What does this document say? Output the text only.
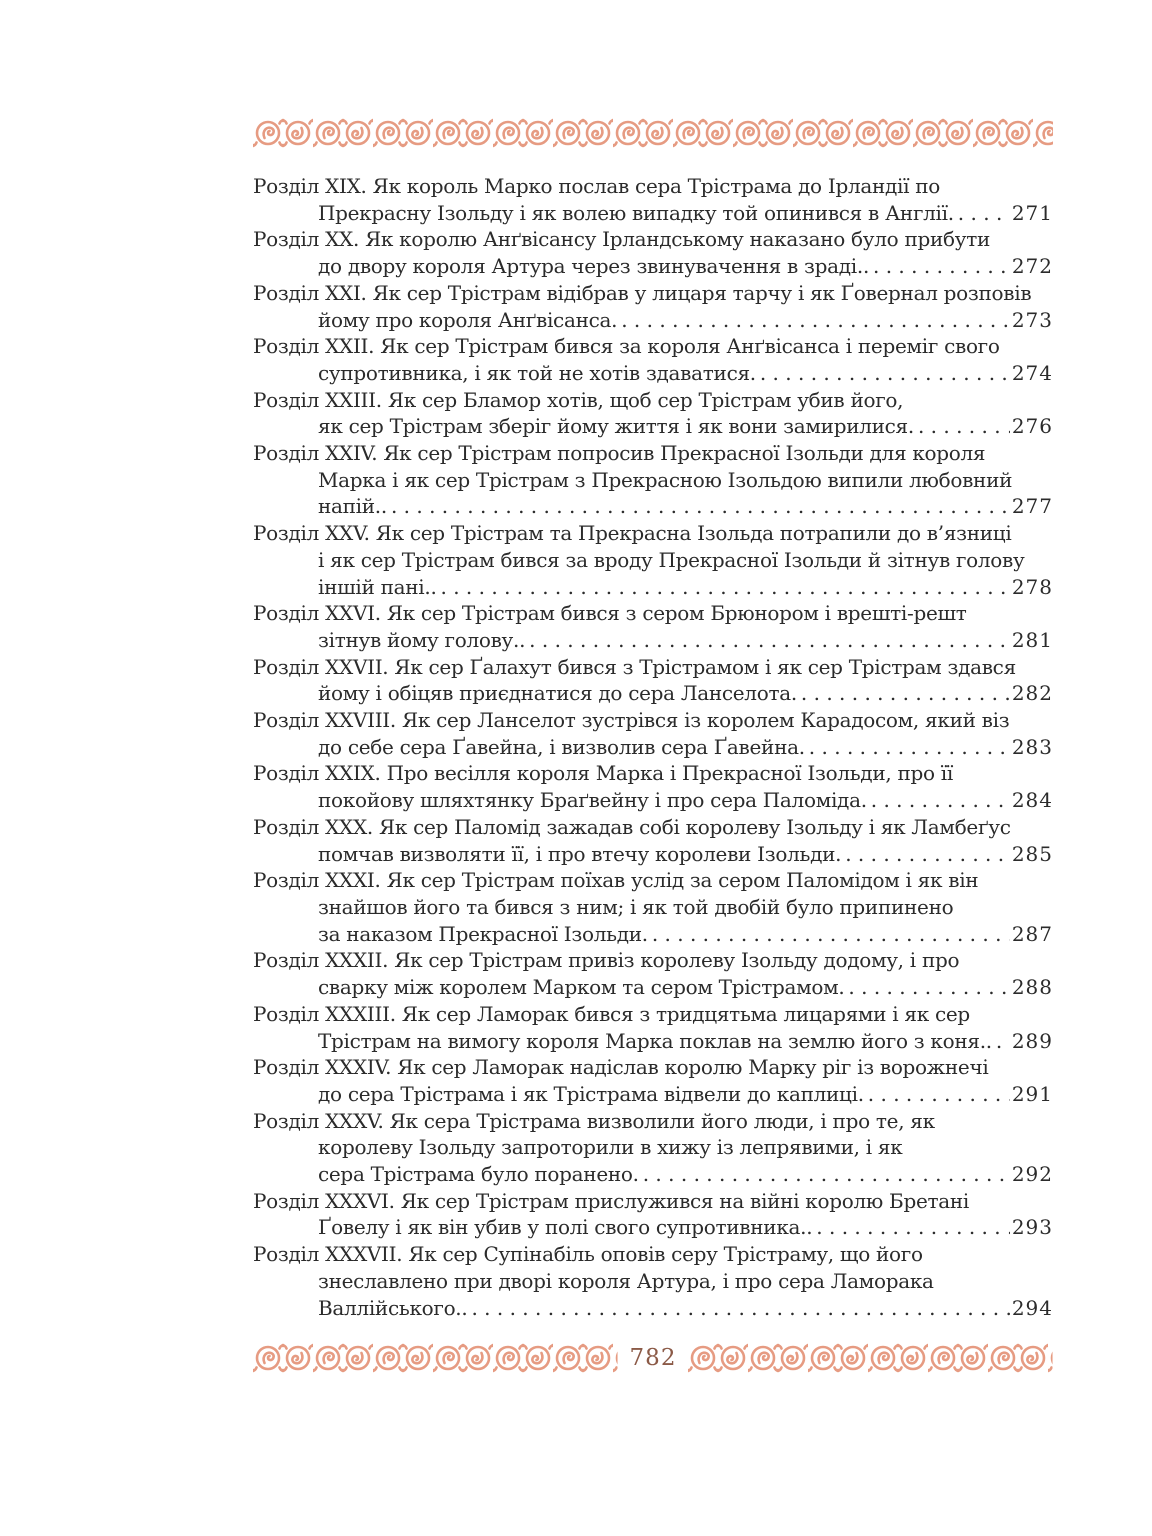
Розділ XIX. Як король Марко послав сера Трістрама до Ірландії по
Прекрасну Ізольду і як волею випадку той опинився в Англії. . . .	271
Розділ XX. Як королю Анґвісансу Ірландському наказано було прибути
до двору короля Артура через звинувачення в зраді.. . . .	272
Розділ XXI. Як сер Трістрам відібрав у лицаря тарчу і як Ґовернал розповів
йому про короля Анґвісанса. . . .	273
Розділ XXII. Як сер Трістрам бився за короля Анґвісанса і переміг свого
супротивника, і як той не хотів здаватися. . . .	274
Розділ XXIII. Як сер Бламор хотів, щоб сер Трістрам убив його,
як сер Трістрам зберіг йому життя і як вони замирилися. . . .	276
Розділ XXIV. Як сер Трістрам попросив Прекрасної Ізольди для короля
Марка і як сер Трістрам з Прекрасною Ізольдою випили любовний
напій.. . . .	277
Розділ XXV. Як сер Трістрам та Прекрасна Ізольда потрапили до в’язниці
і як сер Трістрам бився за вроду Прекрасної Ізольди й зітнув голову
іншій пані.. . . .	278
Розділ XXVI. Як сер Трістрам бився з сером Брюнором і врешті-решт
зітнув йому голову.. . . .	281
Розділ XXVII. Як сер Ґалахут бився з Трістрамом і як сер Трістрам здався
йому і обіцяв приєднатися до сера Ланселота. . . .	282
Розділ XXVIII. Як сер Ланселот зустрівся із королем Карадосом, який віз
до себе сера Ґавейна, і визволив сера Ґавейна. . . .	283
Розділ XXIX. Про весілля короля Марка і Прекрасної Ізольди, про її
покойову шляхтянку Браґвейну і про сера Паломіда. . . .	284
Розділ XXX. Як сер Паломід зажадав собі королеву Ізольду і як Ламбеґус
помчав визволяти її, і про втечу королеви Ізольди. . . .	285
Розділ XXXI. Як сер Трістрам поїхав услід за сером Паломідом і як він
знайшов його та бився з ним; і як той двобій було припинено
за наказом Прекрасної Ізольди. . . .	287
Розділ XXXII. Як сер Трістрам привіз королеву Ізольду додому, і про
сварку між королем Марком та сером Трістрамом. . . .	288
Розділ XXXIII. Як сер Ламорак бився з тридцятьма лицарями і як сер
Трістрам на вимогу короля Марка поклав на землю його з коня.. . . . 289
Розділ XXXIV. Як сер Ламорак надіслав королю Марку ріг із ворожнечі
до сера Трістрама і як Трістрама відвели до каплиці. . . .	291
Розділ XXXV. Як сера Трістрама визволили його люди, і про те, як
королеву Ізольду запроторили в хижу із лепрявими, і як
сера Трістрама було поранено. . . .	292
Розділ XXXVI. Як сер Трістрам прислужився на війні королю Бретані
Ґовелу і як він убив у полі свого супротивника.. . . .	293
Розділ XXXVII. Як сер Супінабіль оповів серу Трістраму, що його
знеславлено при дворі короля Артура, і про сера Ламорака
Валлійського.. . . .	294
782
